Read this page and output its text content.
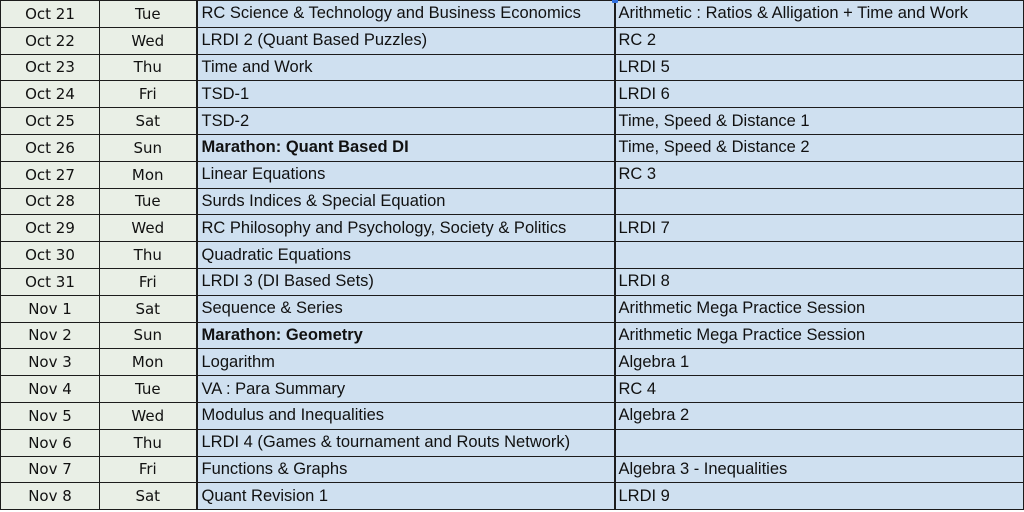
Oct 21	Tue	RC Science & Technology and Business Economics	Arithmetic : Ratios & Alligation + Time and Work
Oct 22	Wed	LRDI 2 (Quant Based Puzzles)	RC 2
Oct 23	Thu	Time and Work	LRDI 5
Oct 24	Fri	TSD-1	LRDI 6
Oct 25	Sat	TSD-2	Time, Speed & Distance 1
Oct 26	Sun	Marathon: Quant Based DI	Time, Speed & Distance 2
Oct 27	Mon	Linear Equations	RC 3
Oct 28	Tue	Surds Indices & Special Equation	
Oct 29	Wed	RC Philosophy and Psychology, Society & Politics	LRDI 7
Oct 30	Thu	Quadratic Equations	
Oct 31	Fri	LRDI 3 (DI Based Sets)	LRDI 8
Nov 1	Sat	Sequence & Series	Arithmetic Mega Practice Session
Nov 2	Sun	Marathon: Geometry	Arithmetic Mega Practice Session
Nov 3	Mon	Logarithm	Algebra 1
Nov 4	Tue	VA : Para Summary	RC 4
Nov 5	Wed	Modulus and Inequalities	Algebra 2
Nov 6	Thu	LRDI 4 (Games & tournament and Routs Network)	
Nov 7	Fri	Functions & Graphs	Algebra 3 - Inequalities
Nov 8	Sat	Quant Revision 1	LRDI 9
